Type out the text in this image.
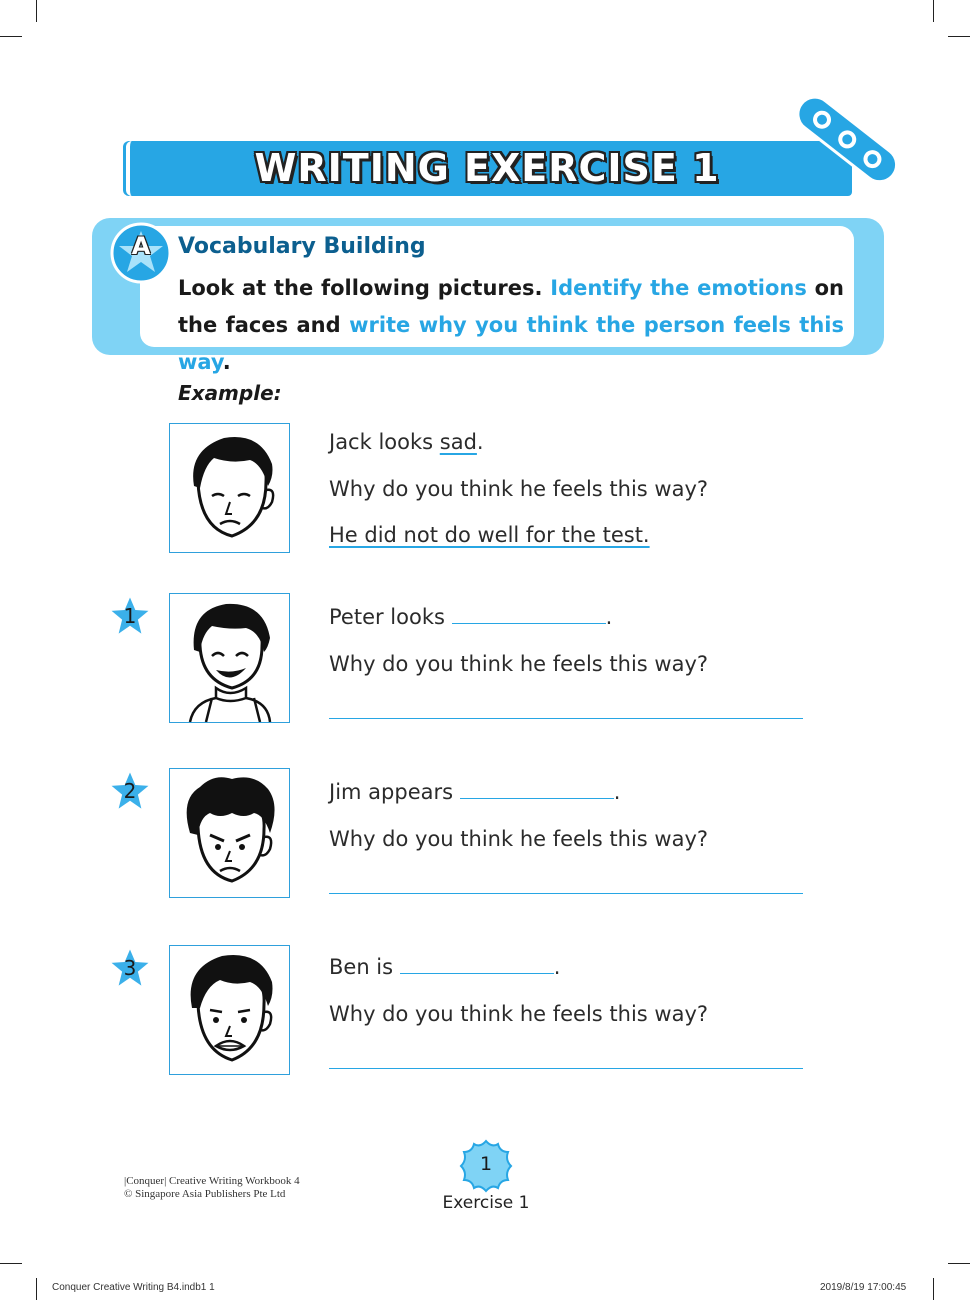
WRITING EXERCISE 1
A	Vocabulary Building
Look at the following pictures. Identify the emotions on the faces and write why you think the person feels this way.
Example:
Jack looks sad.
Why do you think he feels this way?
He did not do well for the test.
1	Peter looks	.
Why do you think he feels this way?
2	Jim appears	.
Why do you think he feels this way?
3	Ben is	.
Why do you think he feels this way?
|Conquer| Creative Writing Workbook 4
© Singapore Asia Publishers Pte Ltd
1
Exercise 1
Conquer Creative Writing B4.indb1 1	2019/8/19 17:00:45
